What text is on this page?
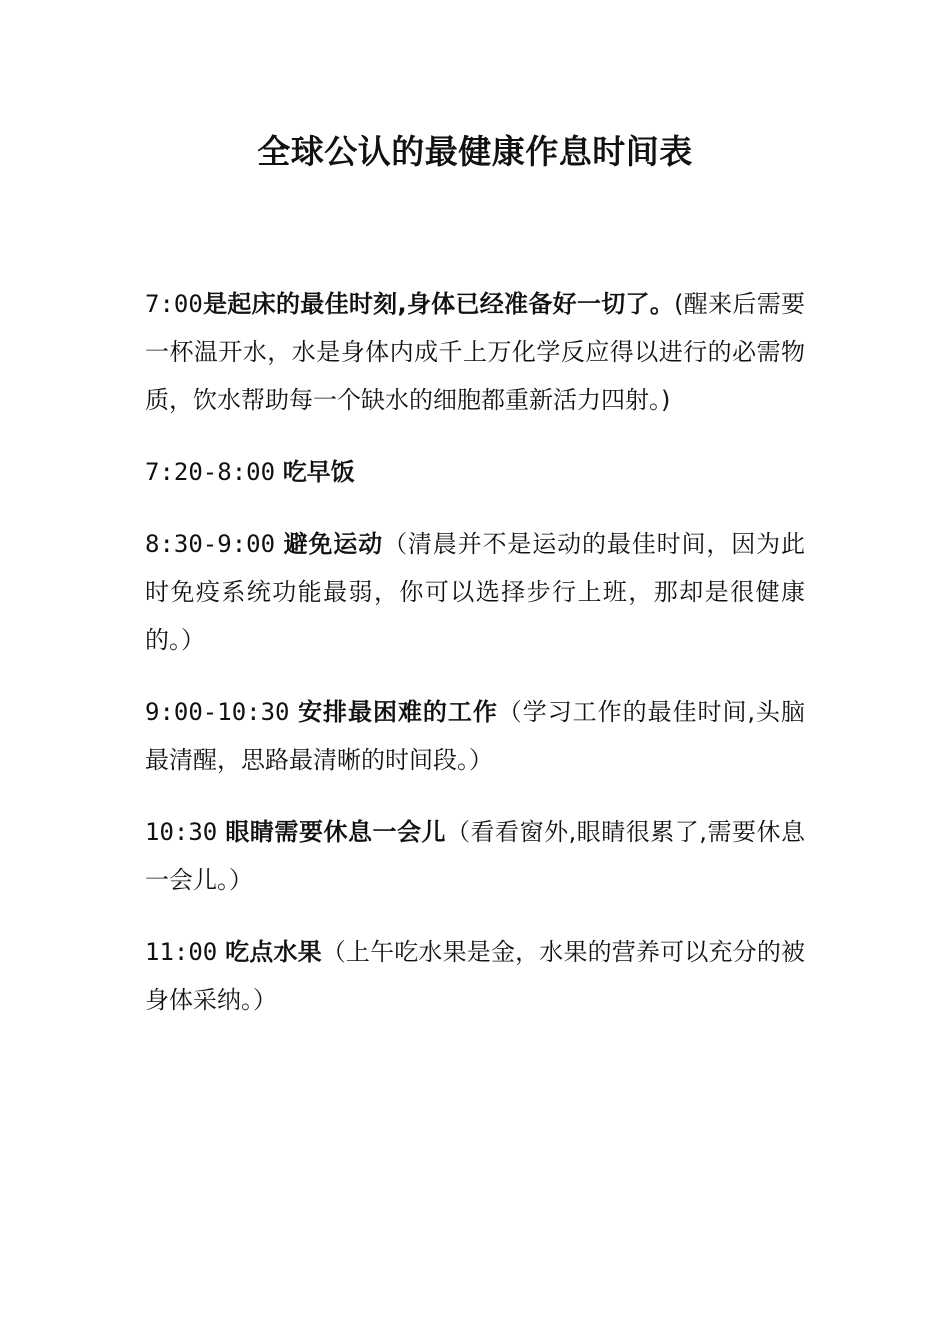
全球公认的最健康作息时间表

7:00是起床的最佳时刻,身体已经准备好一切了。(醒来后需要一杯温开水，水是身体内成千上万化学反应得以进行的必需物质，饮水帮助每一个缺水的细胞都重新活力四射。)

7:20-8:00 吃早饭

8:30-9:00 避免运动（清晨并不是运动的最佳时间，因为此时免疫系统功能最弱，你可以选择步行上班，那却是很健康的。）

9:00-10:30 安排最困难的工作（学习工作的最佳时间,头脑最清醒，思路最清晰的时间段。）

10:30 眼睛需要休息一会儿（看看窗外,眼睛很累了,需要休息一会儿。）

11:00 吃点水果（上午吃水果是金，水果的营养可以充分的被身体采纳。）
